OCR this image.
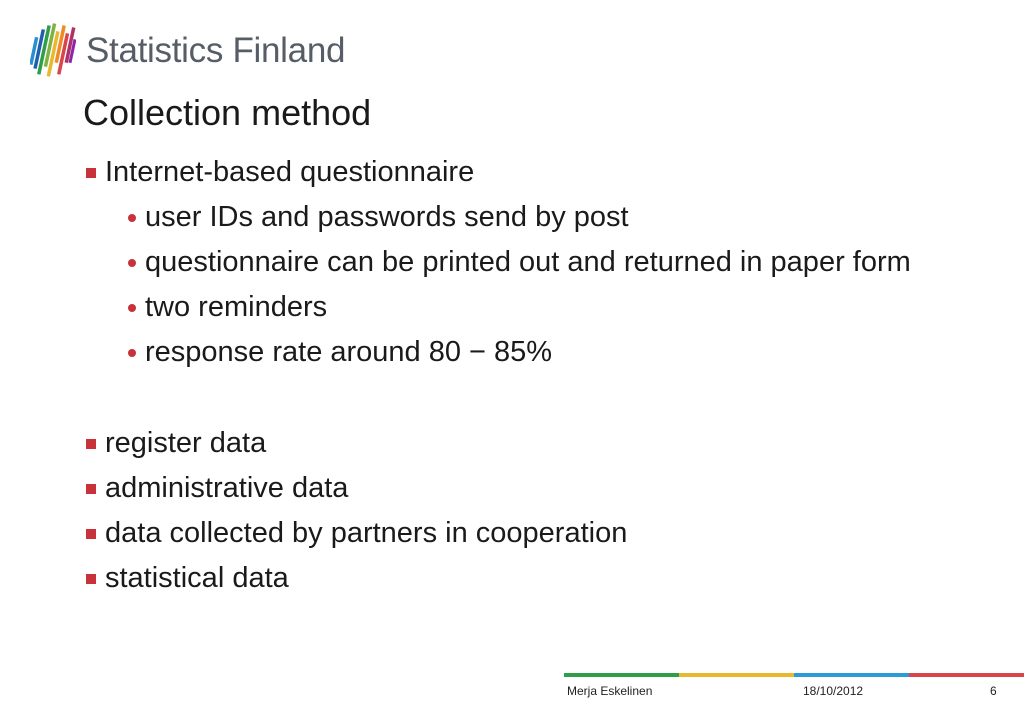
Statistics Finland
Collection method
Internet-based questionnaire
user IDs and passwords send by post
questionnaire can be printed out and returned in paper form
two reminders
response rate around 80 − 85%
register data
administrative data
data collected by partners in cooperation
statistical data
Merja Eskelinen	18/10/2012	6
